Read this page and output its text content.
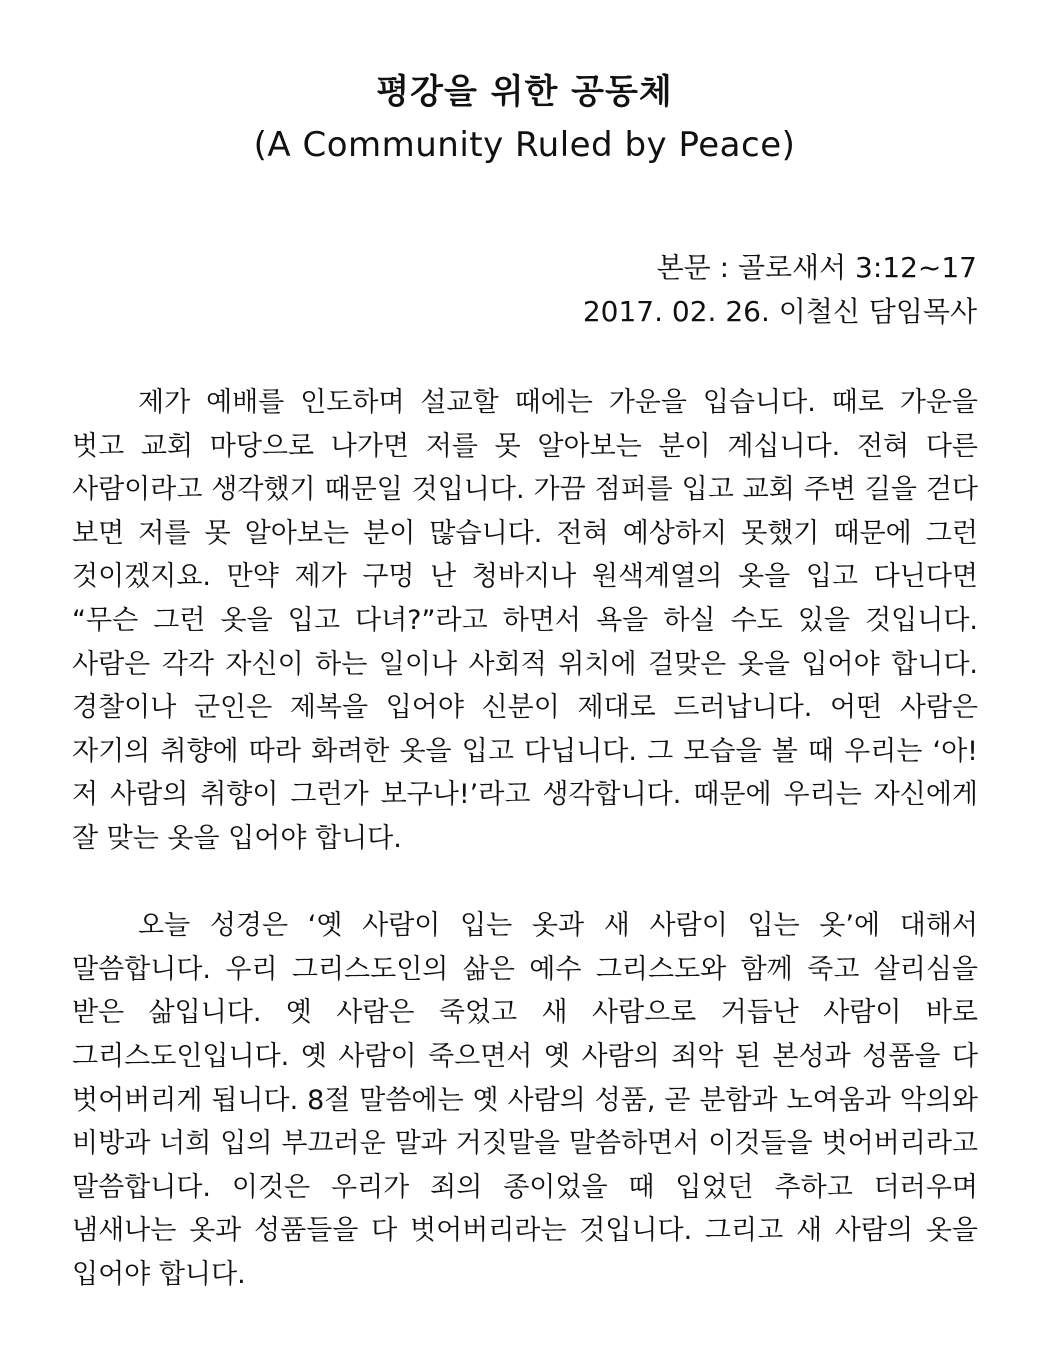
평강을 위한 공동체
(A Community Ruled by Peace)
본문 : 골로새서 3:12~17
2017. 02. 26. 이철신 담임목사

제가 예배를 인도하며 설교할 때에는 가운을 입습니다. 때로 가운을 벗고 교회 마당으로 나가면 저를 못 알아보는 분이 계십니다. 전혀 다른 사람이라고 생각했기 때문일 것입니다. 가끔 점퍼를 입고 교회 주변 길을 걷다 보면 저를 못 알아보는 분이 많습니다. 전혀 예상하지 못했기 때문에 그런 것이겠지요. 만약 제가 구멍 난 청바지나 원색계열의 옷을 입고 다닌다면 “무슨 그런 옷을 입고 다녀?”라고 하면서 욕을 하실 수도 있을 것입니다. 사람은 각각 자신이 하는 일이나 사회적 위치에 걸맞은 옷을 입어야 합니다. 경찰이나 군인은 제복을 입어야 신분이 제대로 드러납니다. 어떤 사람은 자기의 취향에 따라 화려한 옷을 입고 다닙니다. 그 모습을 볼 때 우리는 ‘아! 저 사람의 취향이 그런가 보구나!’라고 생각합니다. 때문에 우리는 자신에게 잘 맞는 옷을 입어야 합니다.

오늘 성경은 ‘옛 사람이 입는 옷과 새 사람이 입는 옷’에 대해서 말씀합니다. 우리 그리스도인의 삶은 예수 그리스도와 함께 죽고 살리심을 받은 삶입니다. 옛 사람은 죽었고 새 사람으로 거듭난 사람이 바로 그리스도인입니다. 옛 사람이 죽으면서 옛 사람의 죄악 된 본성과 성품을 다 벗어버리게 됩니다. 8절 말씀에는 옛 사람의 성품, 곧 분함과 노여움과 악의와 비방과 너희 입의 부끄러운 말과 거짓말을 말씀하면서 이것들을 벗어버리라고 말씀합니다. 이것은 우리가 죄의 종이었을 때 입었던 추하고 더러우며 냄새나는 옷과 성품들을 다 벗어버리라는 것입니다. 그리고 새 사람의 옷을 입어야 합니다.
